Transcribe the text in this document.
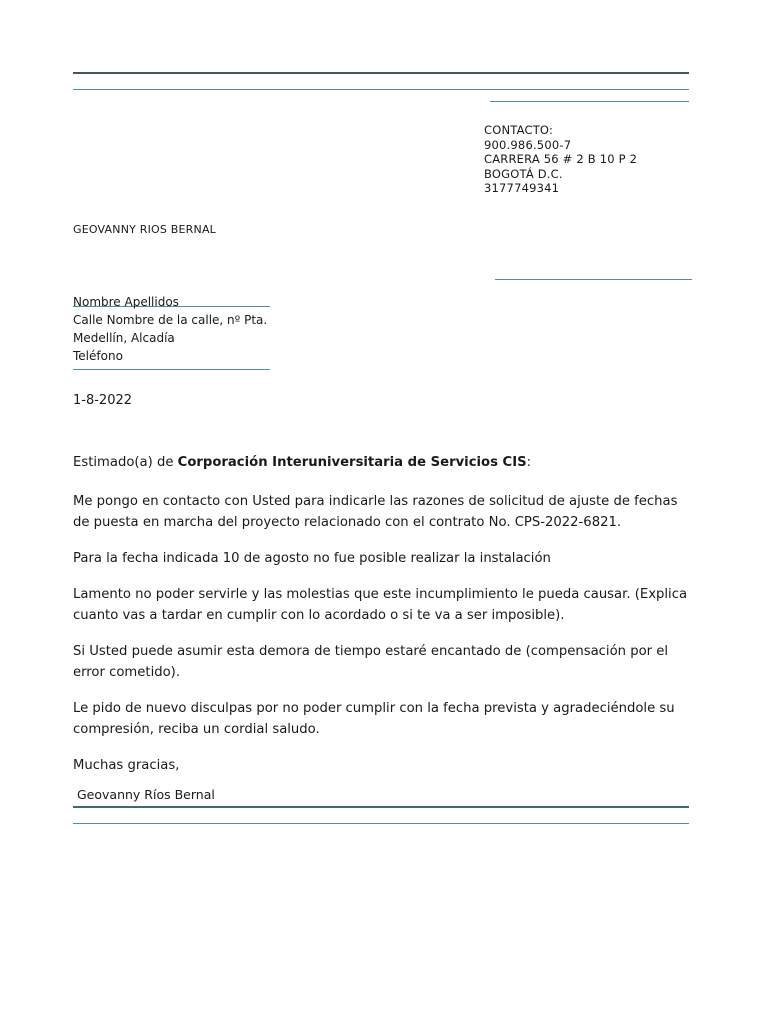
CONTACTO:
900.986.500-7
CARRERA 56 # 2 B 10 P 2
BOGOTÁ D.C.
3177749341
GEOVANNY RIOS BERNAL
Nombre Apellidos
Calle Nombre de la calle, nº Pta.
Medellín, Alcadía
Teléfono
1-8-2022

Estimado(a) de Corporación Interuniversitaria de Servicios CIS:

Me pongo en contacto con Usted para indicarle las razones de solicitud de ajuste de fechas de puesta en marcha del proyecto relacionado con el contrato No. CPS-2022-6821.

Para la fecha indicada 10 de agosto no fue posible realizar la instalación

Lamento no poder servirle y las molestias que este incumplimiento le pueda causar. (Explica cuanto vas a tardar en cumplir con lo acordado o si te va a ser imposible).

Si Usted puede asumir esta demora de tiempo estaré encantado de (compensación por el error cometido).

Le pido de nuevo disculpas por no poder cumplir con la fecha prevista y agradeciéndole su compresión, reciba un cordial saludo.

Muchas gracias,

Geovanny Ríos Bernal
